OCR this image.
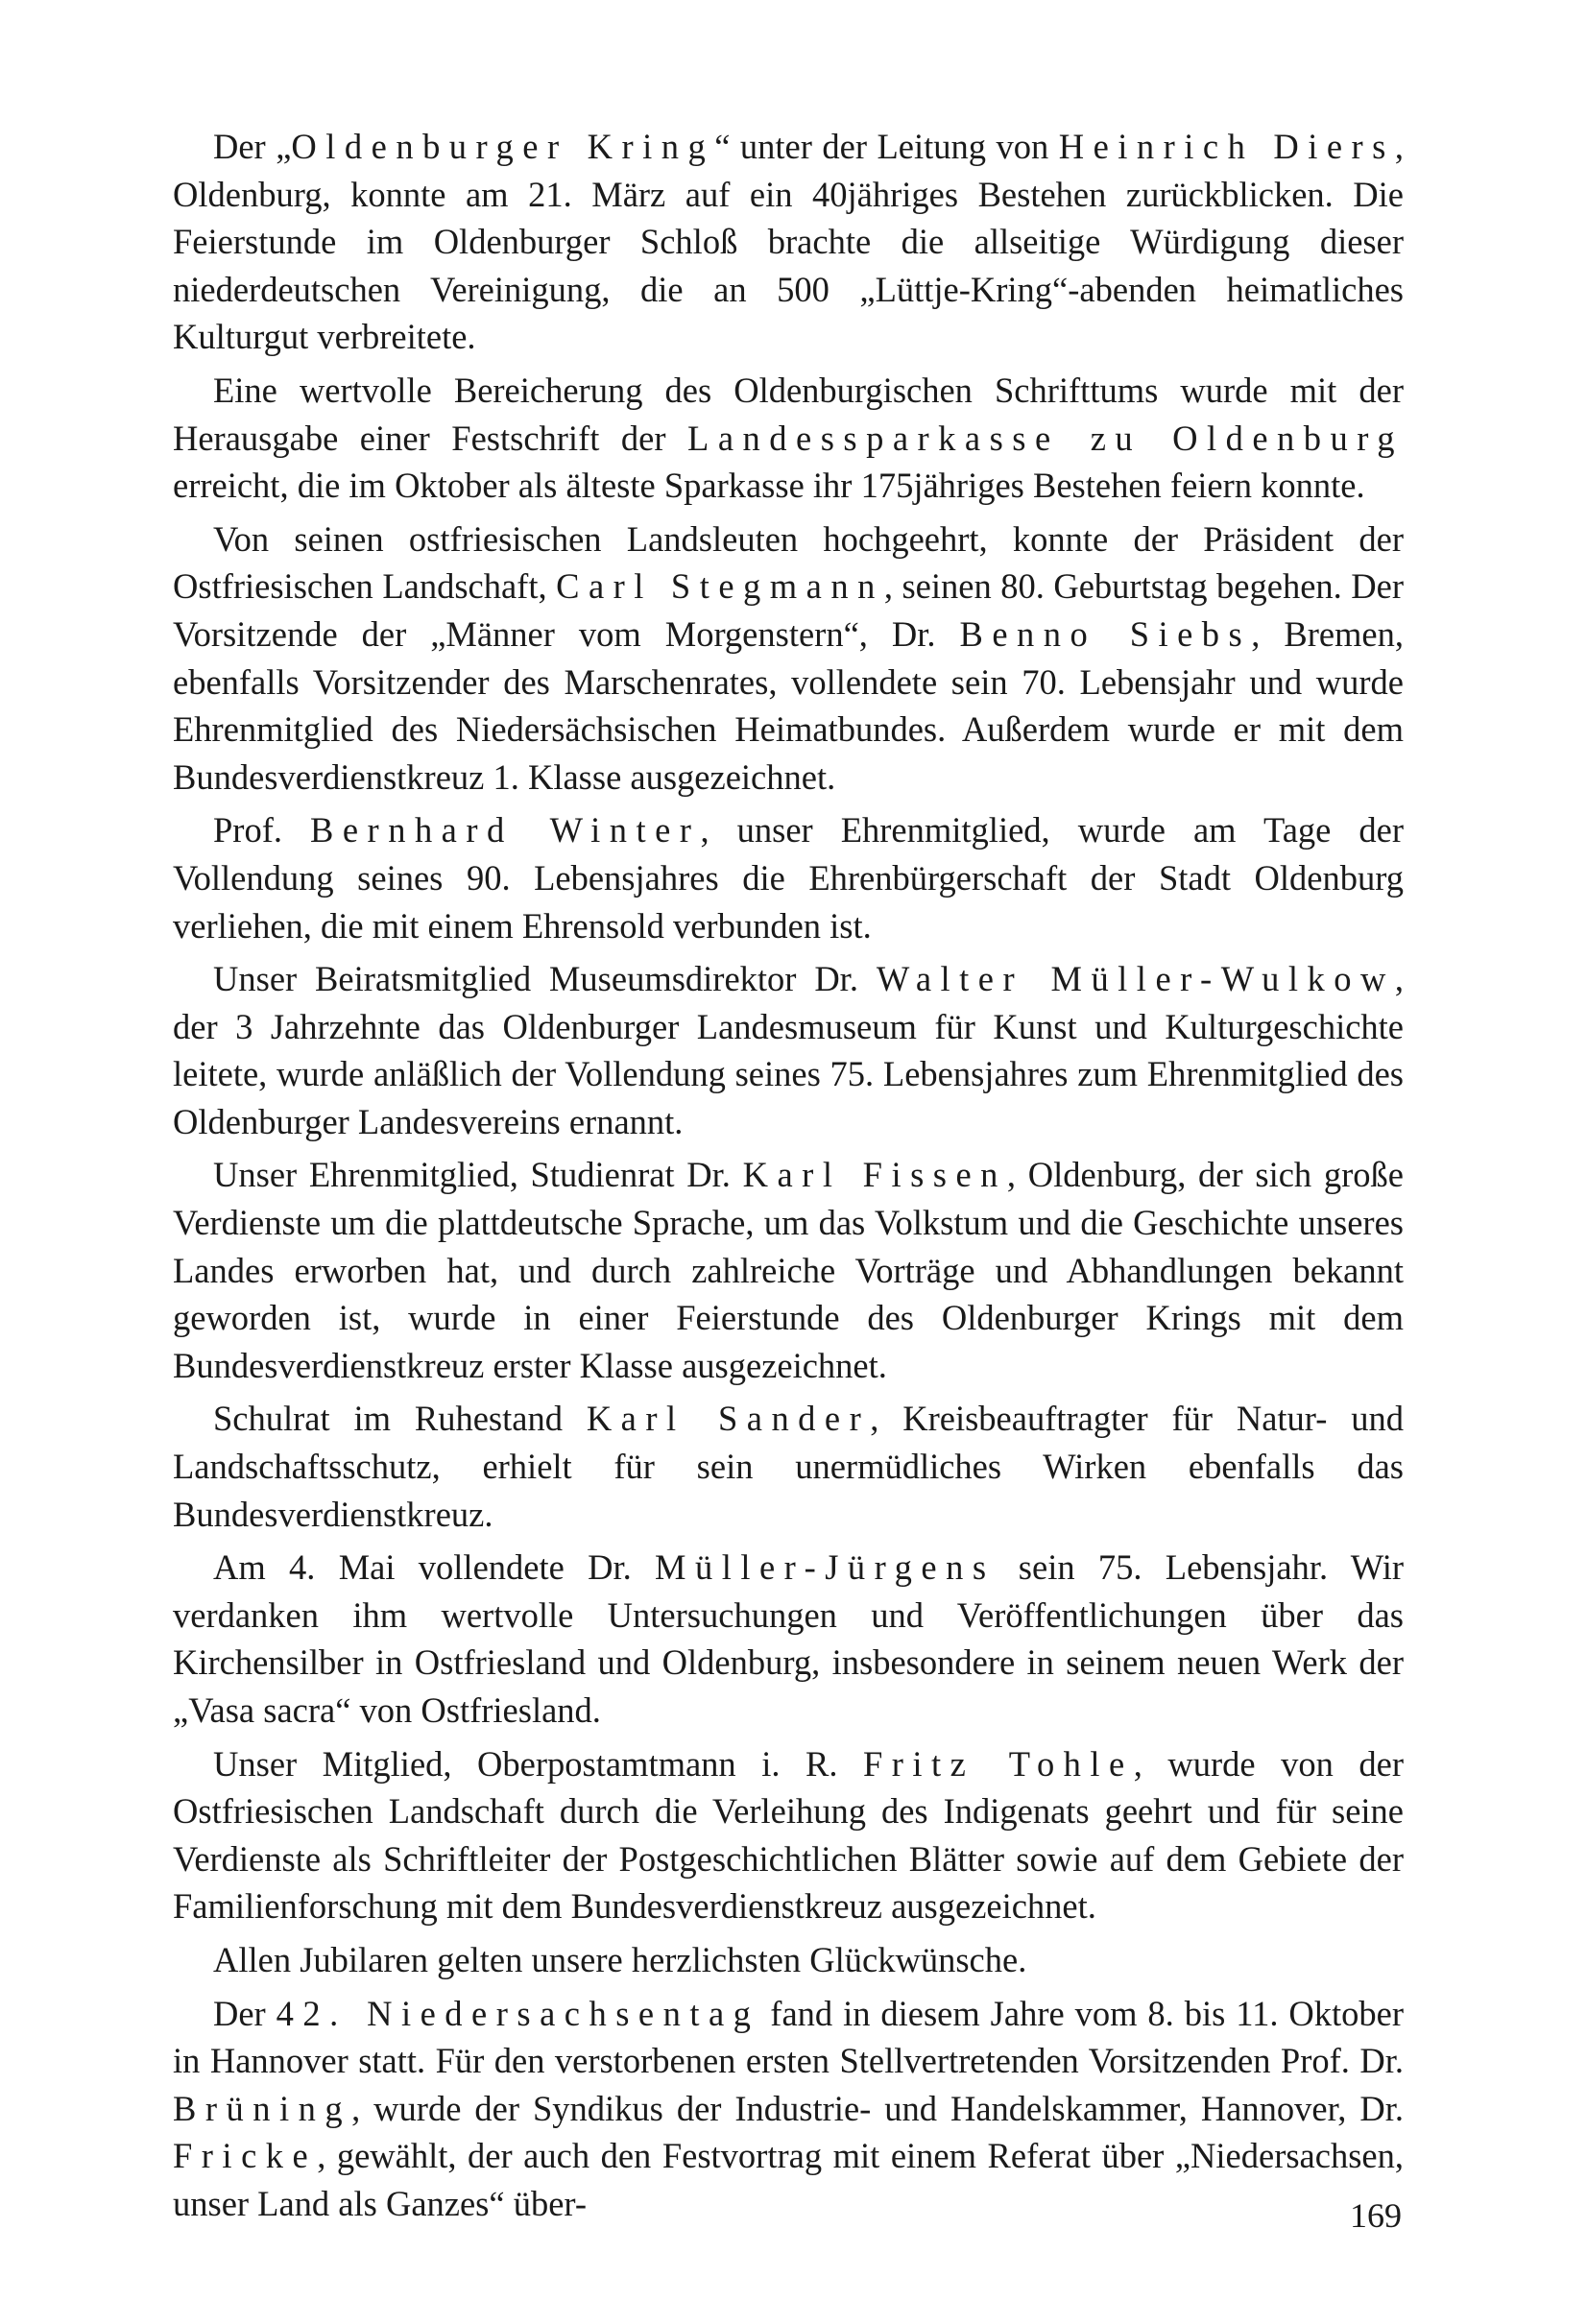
Der „Oldenburger Kring“ unter der Leitung von Heinrich Diers, Oldenburg, konnte am 21. März auf ein 40jähriges Bestehen zurückblicken. Die Feierstunde im Oldenburger Schloß brachte die allseitige Würdigung dieser niederdeutschen Vereinigung, die an 500 „Lüttje-Kring“-abenden heimatliches Kulturgut verbreitete.

Eine wertvolle Bereicherung des Oldenburgischen Schrifttums wurde mit der Herausgabe einer Festschrift der Landessparkasse zu Oldenburg erreicht, die im Oktober als älteste Sparkasse ihr 175jähriges Bestehen feiern konnte.

Von seinen ostfriesischen Landsleuten hochgeehrt, konnte der Präsident der Ostfriesischen Landschaft, Carl Stegmann, seinen 80. Geburtstag begehen. Der Vorsitzende der „Männer vom Morgenstern“, Dr. Benno Siebs, Bremen, ebenfalls Vorsitzender des Marschenrates, vollendete sein 70. Lebensjahr und wurde Ehrenmitglied des Niedersächsischen Heimatbundes. Außerdem wurde er mit dem Bundesverdienstkreuz 1. Klasse ausgezeichnet.

Prof. Bernhard Winter, unser Ehrenmitglied, wurde am Tage der Vollendung seines 90. Lebensjahres die Ehrenbürgerschaft der Stadt Oldenburg verliehen, die mit einem Ehrensold verbunden ist.

Unser Beiratsmitglied Museumsdirektor Dr. Walter Müller-Wulkow, der 3 Jahrzehnte das Oldenburger Landesmuseum für Kunst und Kulturgeschichte leitete, wurde anläßlich der Vollendung seines 75. Lebensjahres zum Ehrenmitglied des Oldenburger Landesvereins ernannt.

Unser Ehrenmitglied, Studienrat Dr. Karl Fissen, Oldenburg, der sich große Verdienste um die plattdeutsche Sprache, um das Volkstum und die Geschichte unseres Landes erworben hat, und durch zahlreiche Vorträge und Abhandlungen bekannt geworden ist, wurde in einer Feierstunde des Oldenburger Krings mit dem Bundesverdienstkreuz erster Klasse ausgezeichnet.

Schulrat im Ruhestand Karl Sander, Kreisbeauftragter für Natur- und Landschaftsschutz, erhielt für sein unermüdliches Wirken ebenfalls das Bundesverdienstkreuz.

Am 4. Mai vollendete Dr. Müller-Jürgens sein 75. Lebensjahr. Wir verdanken ihm wertvolle Untersuchungen und Veröffentlichungen über das Kirchensilber in Ostfriesland und Oldenburg, insbesondere in seinem neuen Werk der „Vasa sacra“ von Ostfriesland.

Unser Mitglied, Oberpostamtmann i. R. Fritz Tohle, wurde von der Ostfriesischen Landschaft durch die Verleihung des Indigenats geehrt und für seine Verdienste als Schriftleiter der Postgeschichtlichen Blätter sowie auf dem Gebiete der Familienforschung mit dem Bundesverdienstkreuz ausgezeichnet.

Allen Jubilaren gelten unsere herzlichsten Glückwünsche.

Der 42. Niedersachsentag fand in diesem Jahre vom 8. bis 11. Oktober in Hannover statt. Für den verstorbenen ersten Stellvertretenden Vorsitzenden Prof. Dr. Brüning, wurde der Syndikus der Industrie- und Handelskammer, Hannover, Dr. Fricke, gewählt, der auch den Festvortrag mit einem Referat über „Niedersachsen, unser Land als Ganzes“ über-	169
